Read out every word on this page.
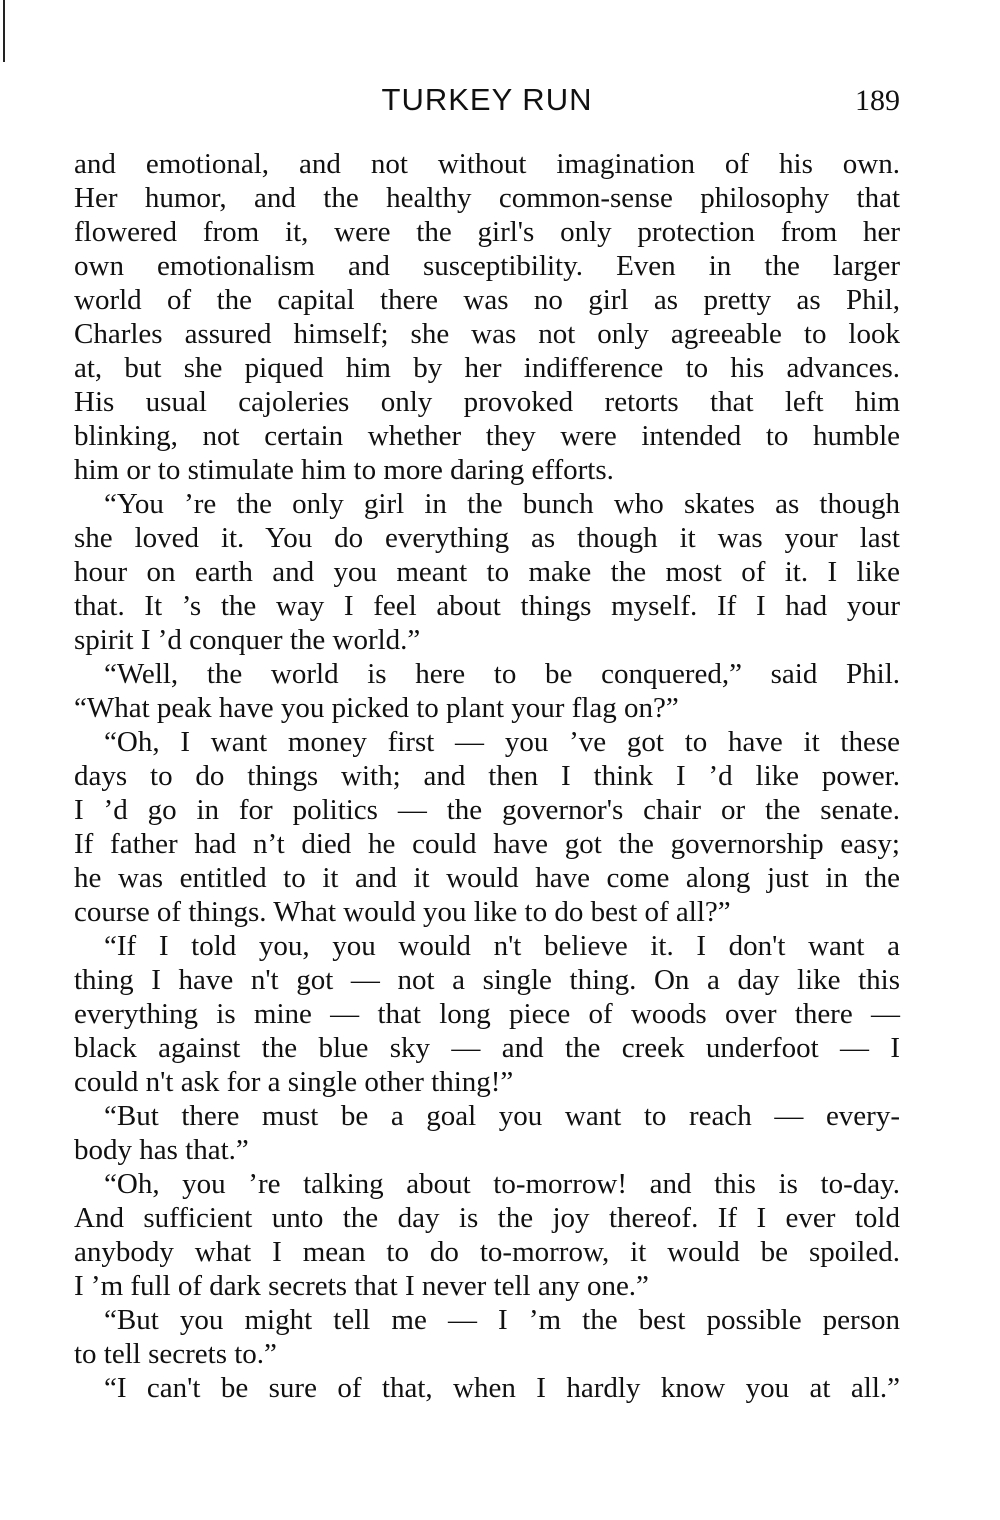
TURKEY RUN	189
and emotional, and not without imagination of his own.
Her humor, and the healthy common-sense philosophy that
flowered from it, were the girl's only protection from her
own emotionalism and susceptibility. Even in the larger
world of the capital there was no girl as pretty as Phil,
Charles assured himself; she was not only agreeable to look
at, but she piqued him by her indifference to his advances.
His usual cajoleries only provoked retorts that left him
blinking, not certain whether they were intended to humble
him or to stimulate him to more daring efforts.
“You ’re the only girl in the bunch who skates as though
she loved it. You do everything as though it was your last
hour on earth and you meant to make the most of it. I like
that. It ’s the way I feel about things myself. If I had your
spirit I ’d conquer the world.”
“Well, the world is here to be conquered,” said Phil.
“What peak have you picked to plant your flag on?”
“Oh, I want money first — you ’ve got to have it these
days to do things with; and then I think I ’d like power.
I ’d go in for politics — the governor's chair or the senate.
If father had n’t died he could have got the governorship easy;
he was entitled to it and it would have come along just in the
course of things. What would you like to do best of all?”
“If I told you, you would n't believe it. I don't want a
thing I have n't got — not a single thing. On a day like this
everything is mine — that long piece of woods over there —
black against the blue sky — and the creek underfoot — I
could n't ask for a single other thing!”
“But there must be a goal you want to reach — every-
body has that.”
“Oh, you ’re talking about to-morrow! and this is to-day.
And sufficient unto the day is the joy thereof. If I ever told
anybody what I mean to do to-morrow, it would be spoiled.
I ’m full of dark secrets that I never tell any one.”
“But you might tell me — I ’m the best possible person
to tell secrets to.”
“I can't be sure of that, when I hardly know you at all.”
